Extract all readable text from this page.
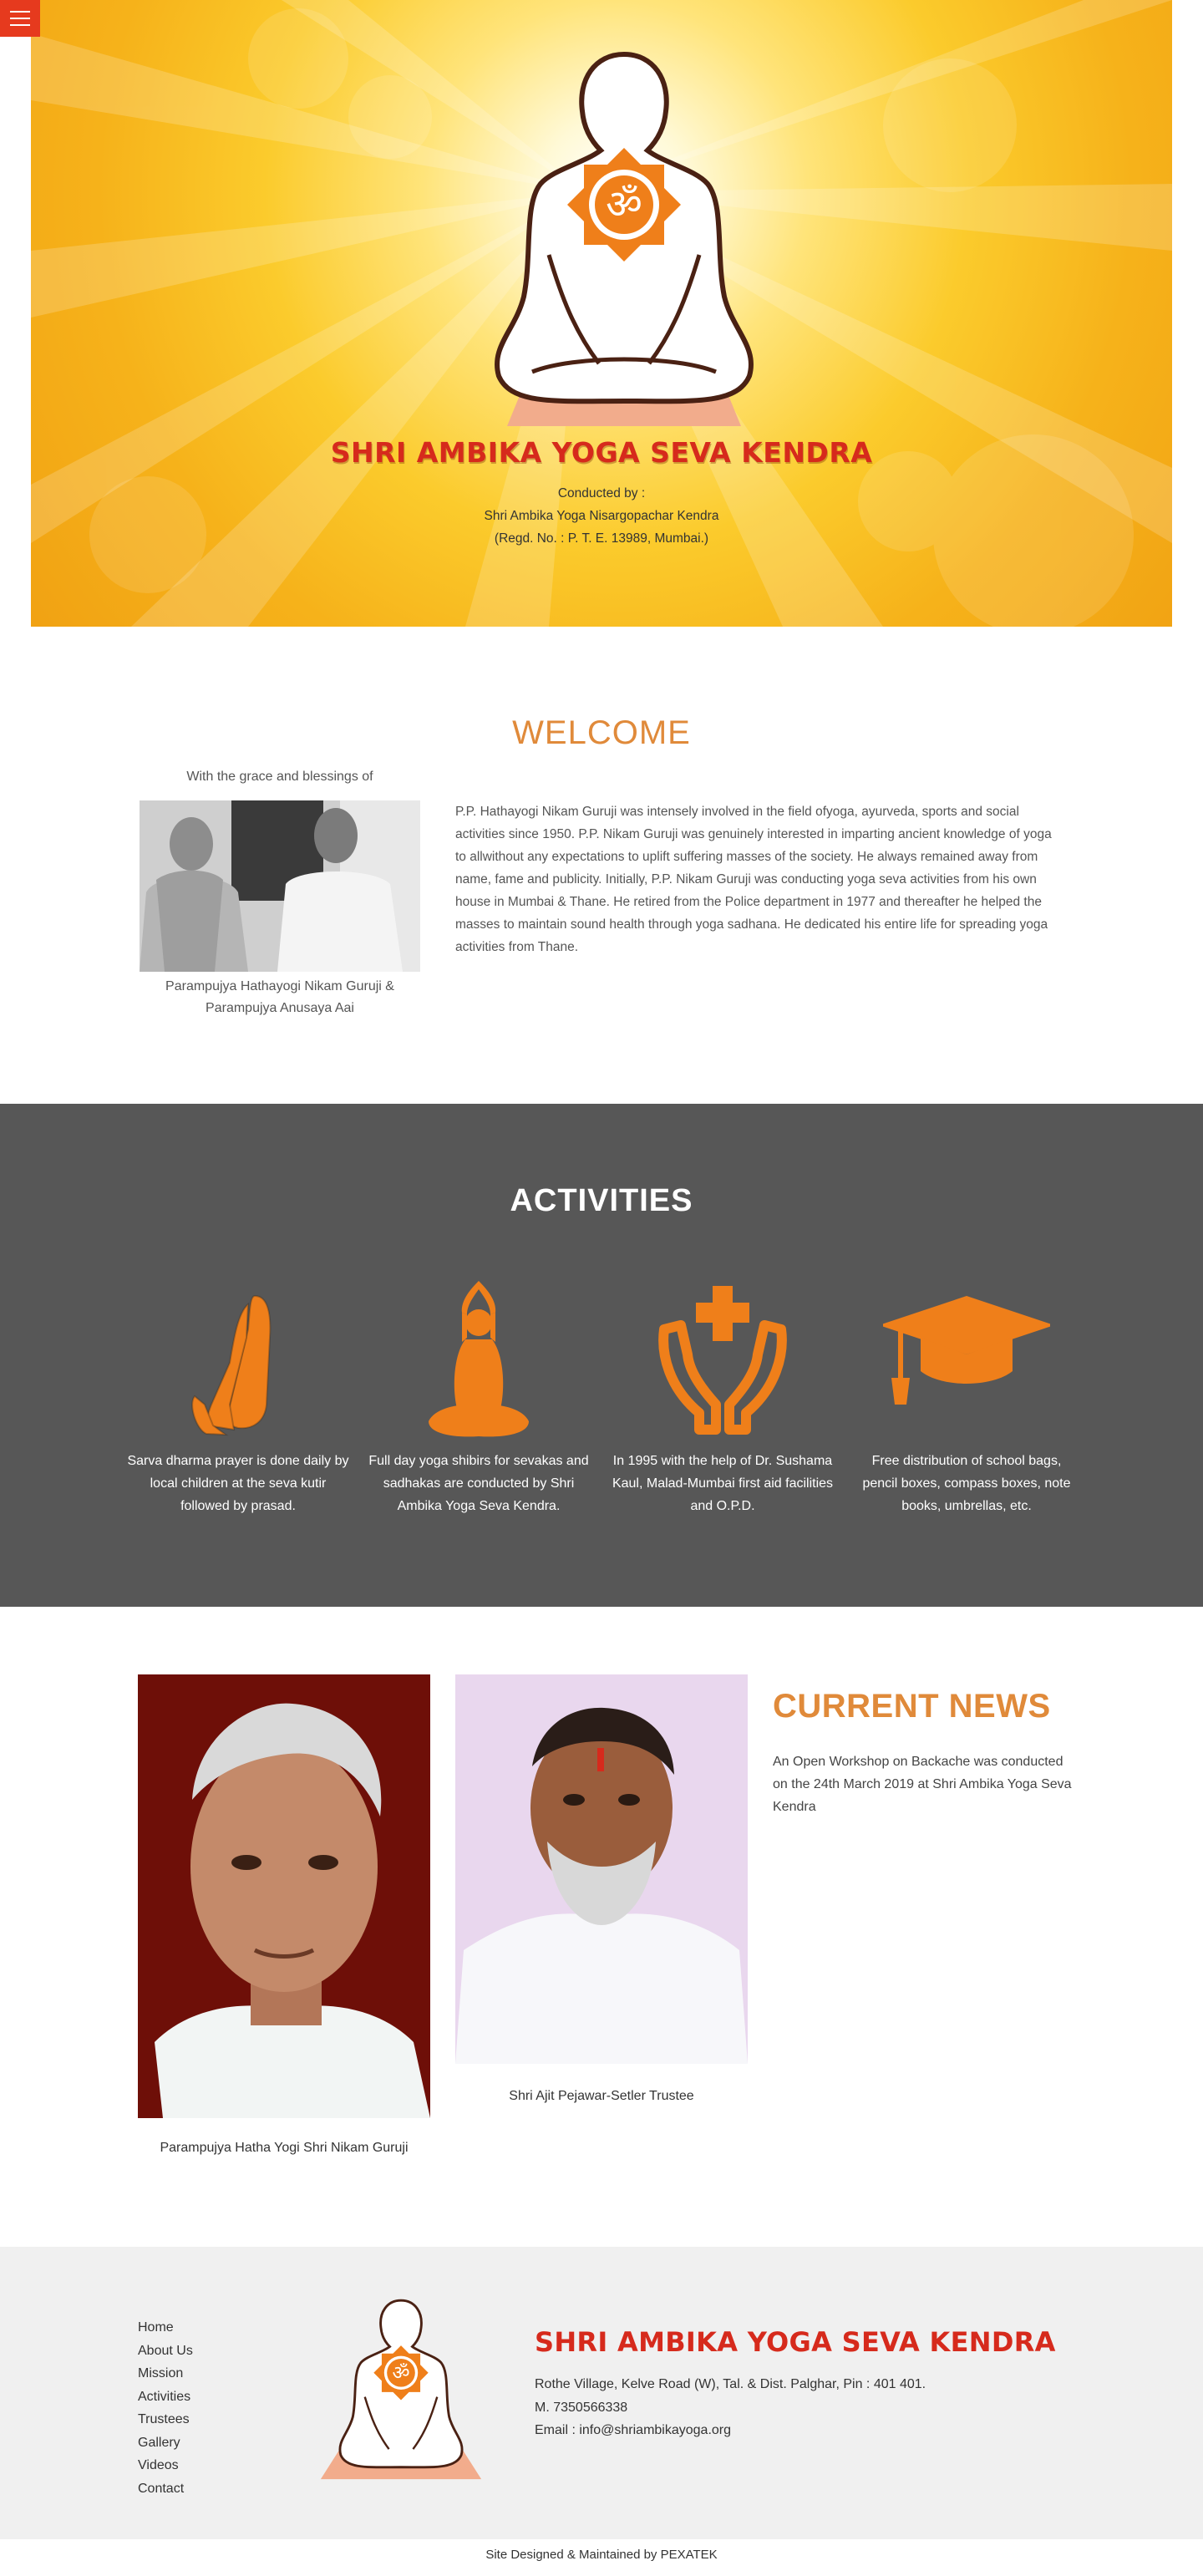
ॐ
SHRI AMBIKA YOGA SEVA KENDRA
Conducted by :
Shri Ambika Yoga Nisargopachar Kendra
(Regd. No. : P. T. E. 13989, Mumbai.)
WELCOME
With the grace and blessings of
Parampujya Hathayogi Nikam Guruji &
Parampujya Anusaya Aai

P.P. Hathayogi Nikam Guruji was intensely involved in the field ofyoga, ayurveda, sports and social activities since 1950. P.P. Nikam Guruji was genuinely interested in imparting ancient knowledge of yoga to allwithout any expectations to uplift suffering masses of the society. He always remained away from name, fame and publicity. Initially, P.P. Nikam Guruji was conducting yoga seva activities from his own house in Mumbai & Thane. He retired from the Police department in 1977 and thereafter he helped the masses to maintain sound health through yoga sadhana. He dedicated his entire life for spreading yoga activities from Thane.

ACTIVITIES
Sarva dharma prayer is done daily by local children at the seva kutir followed by prasad.
Full day yoga shibirs for sevakas and sadhakas are conducted by Shri Ambika Yoga Seva Kendra.
In 1995 with the help of Dr. Sushama Kaul, Malad-Mumbai first aid facilities and O.P.D.
Free distribution of school bags, pencil boxes, compass boxes, note books, umbrellas, etc.
Parampujya Hatha Yogi Shri Nikam Guruji
Shri Ajit Pejawar-Setler Trustee
CURRENT NEWS

An Open Workshop on Backache was conducted on the 24th March 2019 at Shri Ambika Yoga Seva Kendra

Home
About Us
Mission
Activities
Trustees
Gallery
Videos
Contact
ॐ
SHRI AMBIKA YOGA SEVA KENDRA
Rothe Village, Kelve Road (W), Tal. & Dist. Palghar, Pin : 401 401.
M. 7350566338
Email : info@shriambikayoga.org
Site Designed & Maintained by PEXATEK
